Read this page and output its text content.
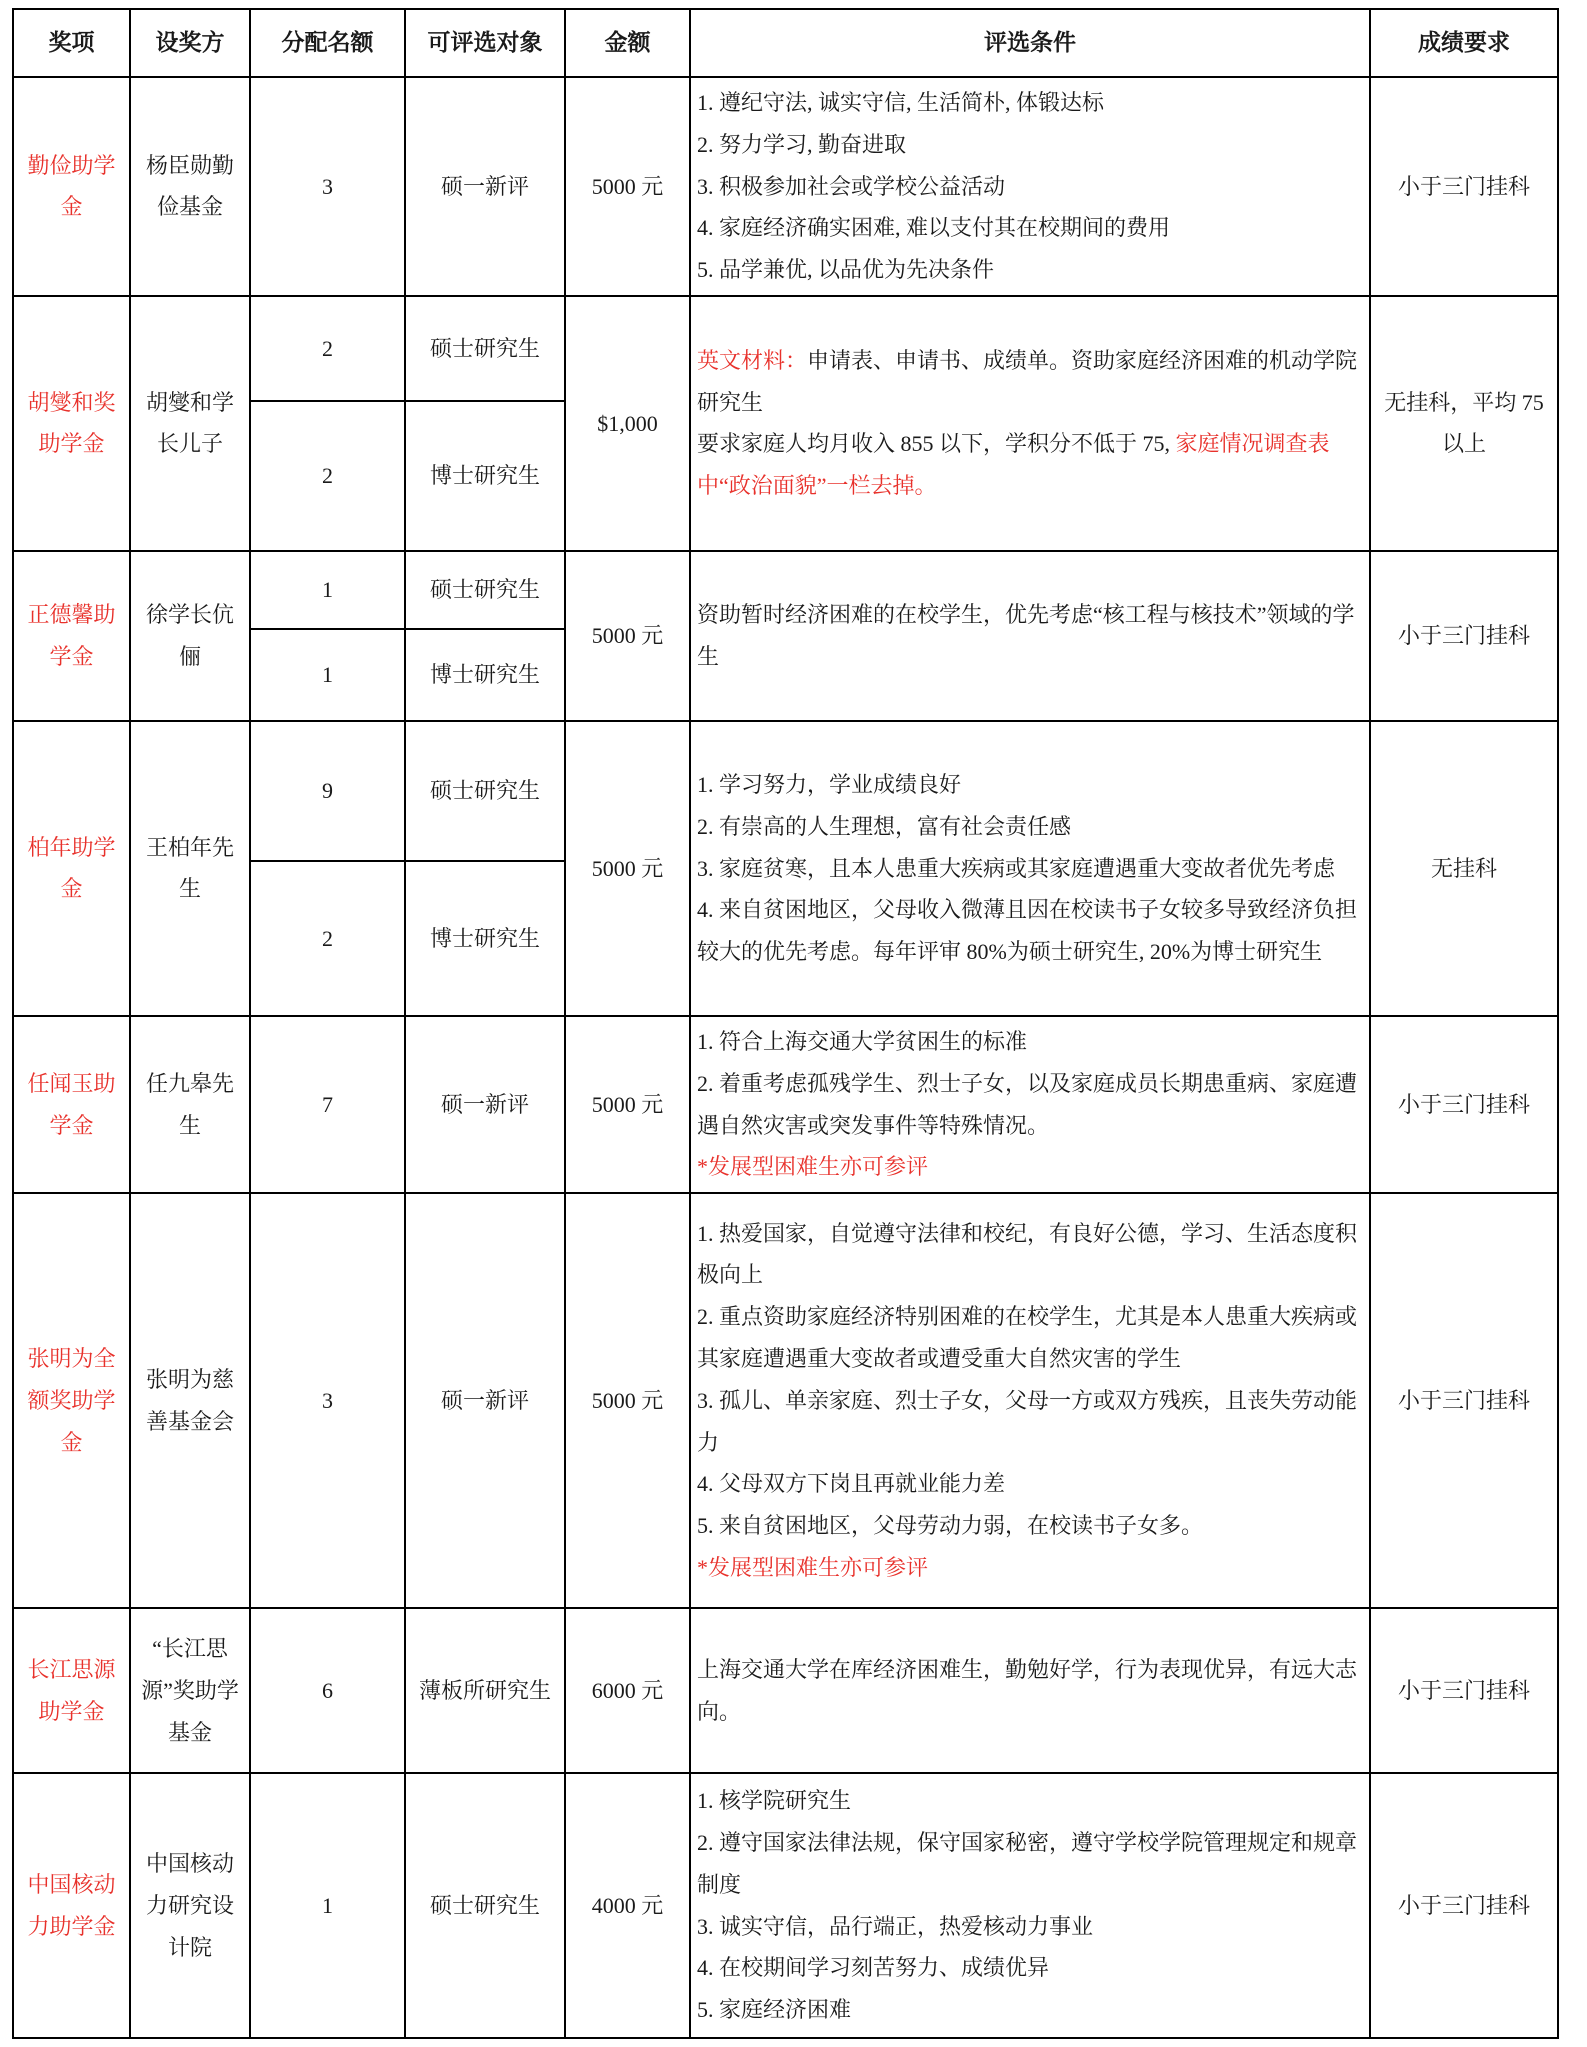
奖项	设奖方	分配名额	可评选对象	金额	评选条件	成绩要求
勤俭助学金	杨臣勋勤俭基金	3	硕一新评	5000 元	1. 遵纪守法, 诚实守信, 生活简朴, 体锻达标
2. 努力学习, 勤奋进取
3. 积极参加社会或学校公益活动
4. 家庭经济确实困难, 难以支付其在校期间的费用
5. 品学兼优, 以品优为先决条件	小于三门挂科
胡燮和奖助学金	胡燮和学长儿子	2	硕士研究生	$1,000	英文材料：申请表、申请书、成绩单。资助家庭经济困难的机动学院研究生
要求家庭人均月收入 855 以下，学积分不低于 75, 家庭情况调查表中“政治面貌”一栏去掉。	无挂科，平均 75 以上
		2	博士研究生			
正德馨助学金	徐学长伉俪	1	硕士研究生	5000 元	资助暂时经济困难的在校学生，优先考虑“核工程与核技术”领域的学生	小于三门挂科
		1	博士研究生			
柏年助学金	王柏年先生	9	硕士研究生	5000 元	1. 学习努力，学业成绩良好
2. 有崇高的人生理想，富有社会责任感
3. 家庭贫寒，且本人患重大疾病或其家庭遭遇重大变故者优先考虑
4. 来自贫困地区，父母收入微薄且因在校读书子女较多导致经济负担较大的优先考虑。每年评审 80%为硕士研究生, 20%为博士研究生	无挂科
		2	博士研究生			
任闻玉助学金	任九皋先生	7	硕一新评	5000 元	1. 符合上海交通大学贫困生的标准
2. 着重考虑孤残学生、烈士子女，以及家庭成员长期患重病、家庭遭遇自然灾害或突发事件等特殊情况。
*发展型困难生亦可参评	小于三门挂科
张明为全额奖助学金	张明为慈善基金会	3	硕一新评	5000 元	
1. 热爱国家，自觉遵守法律和校纪，有良好公德，学习、生活态度积极向上
2. 重点资助家庭经济特别困难的在校学生，尤其是本人患重大疾病或其家庭遭遇重大变故者或遭受重大自然灾害的学生
3. 孤儿、单亲家庭、烈士子女，父母一方或双方残疾，且丧失劳动能力
4. 父母双方下岗且再就业能力差
5. 来自贫困地区，父母劳动力弱，在校读书子女多。
*发展型困难生亦可参评
	小于三门挂科
长江思源助学金	“长江思源”奖助学基金	6	薄板所研究生	6000 元	上海交通大学在库经济困难生，勤勉好学，行为表现优异，有远大志向。	小于三门挂科
中国核动力助学金	中国核动力研究设计院	1	硕士研究生	4000 元	1. 核学院研究生
2. 遵守国家法律法规，保守国家秘密，遵守学校学院管理规定和规章制度
3. 诚实守信，品行端正，热爱核动力事业
4. 在校期间学习刻苦努力、成绩优异
5. 家庭经济困难	小于三门挂科
